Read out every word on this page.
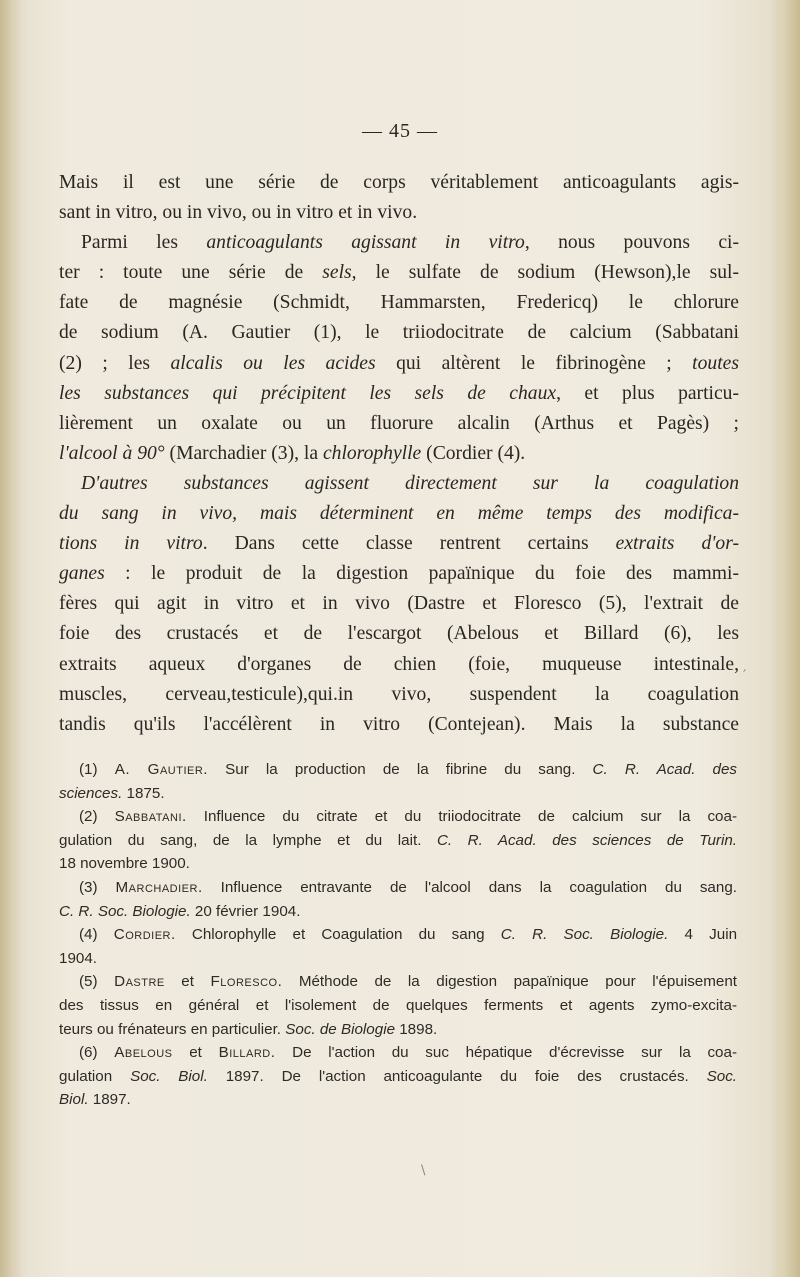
— 45 —

Mais il est une série de corps véritablement anticoagulants agis-
sant in vitro, ou in vivo, ou in vitro et in vivo.

Parmi les anticoagulants agissant in vitro, nous pouvons ci-
ter : toute une série de sels, le sulfate de sodium (Hewson),le sul-
fate de magnésie (Schmidt, Hammarsten, Fredericq) le chlorure
de sodium (A. Gautier (1), le triiodocitrate de calcium (Sabbatani
(2) ; les alcalis ou les acides qui altèrent le fibrinogène ; toutes
les substances qui précipitent les sels de chaux, et plus particu-
lièrement un oxalate ou un fluorure alcalin (Arthus et Pagès) ;
l'alcool à 90° (Marchadier (3), la chlorophylle (Cordier (4).

D'autres substances agissent directement sur la coagulation
du sang in vivo, mais déterminent en même temps des modifica-
tions in vitro. Dans cette classe rentrent certains extraits d'or-
ganes : le produit de la digestion papaïnique du foie des mammi-
fères qui agit in vitro et in vivo (Dastre et Floresco (5), l'extrait de
foie des crustacés et de l'escargot (Abelous et Billard (6), les
extraits aqueux d'organes de chien (foie, muqueuse intestinale,
muscles, cerveau,testicule),qui.in vivo, suspendent la coagulation
tandis qu'ils l'accélèrent in vitro (Contejean). Mais la substance

(1) A. Gautier. Sur la production de la fibrine du sang. C. R. Acad. des
sciences. 1875.
(2) Sabbatani. Influence du citrate et du triiodocitrate de calcium sur la coa-
gulation du sang, de la lymphe et du lait. C. R. Acad. des sciences de Turin.
18 novembre 1900.
(3) Marchadier. Influence entravante de l'alcool dans la coagulation du sang.
C. R. Soc. Biologie. 20 février 1904.
(4) Cordier. Chlorophylle et Coagulation du sang C. R. Soc. Biologie. 4 Juin
1904.
(5) Dastre et Floresco. Méthode de la digestion papaïnique pour l'épuisement
des tissus en général et l'isolement de quelques ferments et agents zymo-excita-
teurs ou frénateurs en particulier. Soc. de Biologie 1898.
(6) Abelous et Billard. De l'action du suc hépatique d'écrevisse sur la coa-
gulation Soc. Biol. 1897. De l'action anticoagulante du foie des crustacés. Soc.
Biol. 1897.
′
\
